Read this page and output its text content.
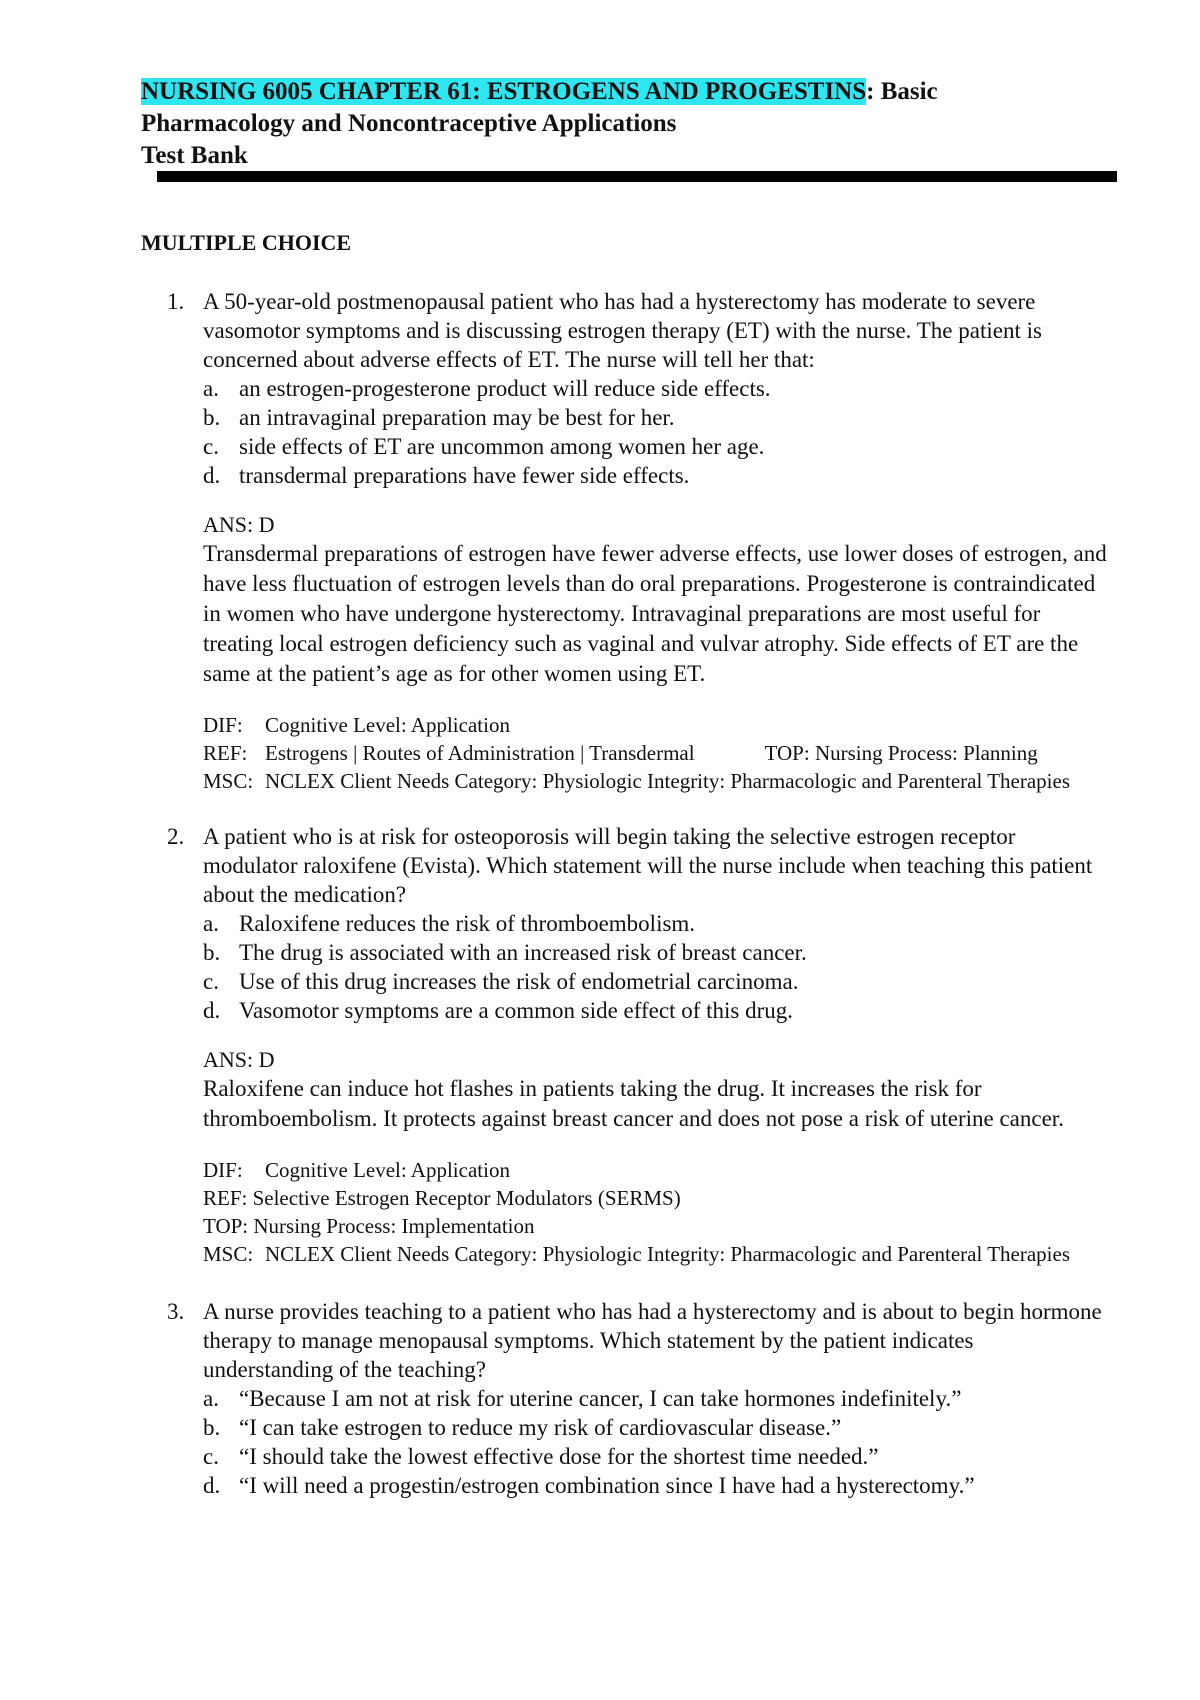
NURSING 6005 CHAPTER 61: ESTROGENS AND PROGESTINS: Basic

Pharmacology and Noncontraceptive Applications

Test Bank

MULTIPLE CHOICE

1. A 50-year-old postmenopausal patient who has had a hysterectomy has moderate to severe vasomotor symptoms and is discussing estrogen therapy (ET) with the nurse. The patient is concerned about adverse effects of ET. The nurse will tell her that:
a. an estrogen-progesterone product will reduce side effects.
b. an intravaginal preparation may be best for her.
c. side effects of ET are uncommon among women her age.
d. transdermal preparations have fewer side effects.
ANS: D
Transdermal preparations of estrogen have fewer adverse effects, use lower doses of estrogen, and have less fluctuation of estrogen levels than do oral preparations. Progesterone is contraindicated in women who have undergone hysterectomy. Intravaginal preparations are most useful for treating local estrogen deficiency such as vaginal and vulvar atrophy. Side effects of ET are the same at the patient’s age as for other women using ET.
DIF:	Cognitive Level: Application
REF: Estrogens | Routes of Administration | Transdermal	TOP: Nursing Process: Planning
MSC: NCLEX Client Needs Category: Physiologic Integrity: Pharmacologic and Parenteral Therapies
2. A patient who is at risk for osteoporosis will begin taking the selective estrogen receptor modulator raloxifene (Evista). Which statement will the nurse include when teaching this patient about the medication?
a. Raloxifene reduces the risk of thromboembolism.
b. The drug is associated with an increased risk of breast cancer.
c. Use of this drug increases the risk of endometrial carcinoma.
d. Vasomotor symptoms are a common side effect of this drug.
ANS: D
Raloxifene can induce hot flashes in patients taking the drug. It increases the risk for thromboembolism. It protects against breast cancer and does not pose a risk of uterine cancer.
DIF:	Cognitive Level: Application
REF: Selective Estrogen Receptor Modulators (SERMS)
TOP: Nursing Process: Implementation
MSC: NCLEX Client Needs Category: Physiologic Integrity: Pharmacologic and Parenteral Therapies
3. A nurse provides teaching to a patient who has had a hysterectomy and is about to begin hormone therapy to manage menopausal symptoms. Which statement by the patient indicates understanding of the teaching?
a. “Because I am not at risk for uterine cancer, I can take hormones indefinitely.”
b. “I can take estrogen to reduce my risk of cardiovascular disease.”
c. “I should take the lowest effective dose for the shortest time needed.”
d. “I will need a progestin/estrogen combination since I have had a hysterectomy.”
